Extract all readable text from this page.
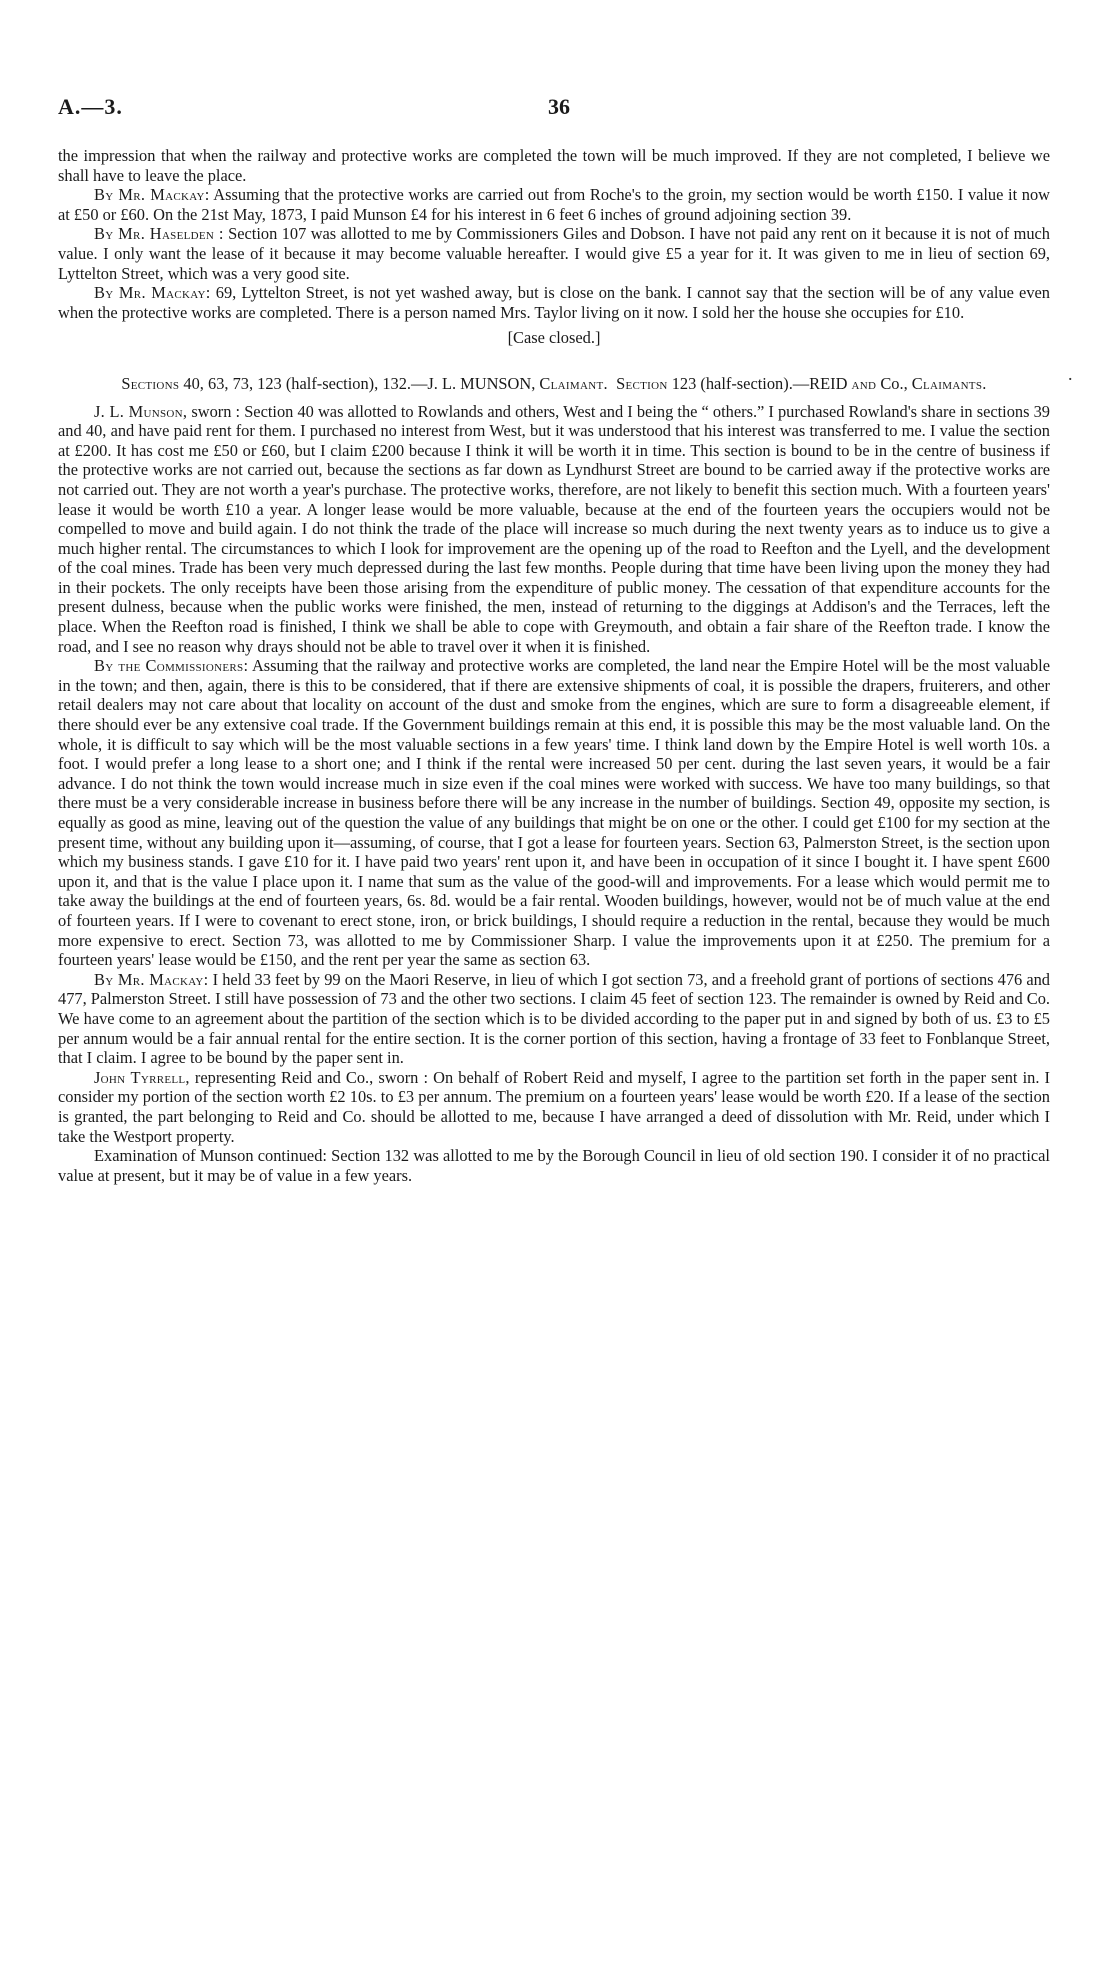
A.—3.	36
.

the impression that when the railway and protective works are completed the town will be much improved. If they are not completed, I believe we shall have to leave the place.

By Mr. Mackay: Assuming that the protective works are carried out from Roche's to the groin, my section would be worth £150. I value it now at £50 or £60. On the 21st May, 1873, I paid Munson £4 for his interest in 6 feet 6 inches of ground adjoining section 39.

By Mr. Haselden : Section 107 was allotted to me by Commissioners Giles and Dobson. I have not paid any rent on it because it is not of much value. I only want the lease of it because it may become valuable hereafter. I would give £5 a year for it. It was given to me in lieu of section 69, Lyttelton Street, which was a very good site.

By Mr. Mackay: 69, Lyttelton Street, is not yet washed away, but is close on the bank. I cannot say that the section will be of any value even when the protective works are completed. There is a person named Mrs. Taylor living on it now. I sold her the house she occupies for £10.

[Case closed.]

Sections 40, 63, 73, 123 (half-section), 132.—J. L. MUNSON, Claimant. Section 123 (half-section).—REID and Co., Claimants.

J. L. Munson, sworn : Section 40 was allotted to Rowlands and others, West and I being the “ others.” I purchased Rowland's share in sections 39 and 40, and have paid rent for them. I purchased no interest from West, but it was understood that his interest was transferred to me. I value the section at £200. It has cost me £50 or £60, but I claim £200 because I think it will be worth it in time. This section is bound to be in the centre of business if the protective works are not carried out, because the sections as far down as Lyndhurst Street are bound to be carried away if the protective works are not carried out. They are not worth a year's purchase. The protective works, therefore, are not likely to benefit this section much. With a fourteen years' lease it would be worth £10 a year. A longer lease would be more valuable, because at the end of the fourteen years the occupiers would not be compelled to move and build again. I do not think the trade of the place will increase so much during the next twenty years as to induce us to give a much higher rental. The circumstances to which I look for improvement are the opening up of the road to Reefton and the Lyell, and the development of the coal mines. Trade has been very much depressed during the last few months. People during that time have been living upon the money they had in their pockets. The only receipts have been those arising from the expenditure of public money. The cessation of that expenditure accounts for the present dulness, because when the public works were finished, the men, instead of returning to the diggings at Addison's and the Terraces, left the place. When the Reefton road is finished, I think we shall be able to cope with Greymouth, and obtain a fair share of the Reefton trade. I know the road, and I see no reason why drays should not be able to travel over it when it is finished.

By the Commissioners: Assuming that the railway and protective works are completed, the land near the Empire Hotel will be the most valuable in the town; and then, again, there is this to be considered, that if there are extensive shipments of coal, it is possible the drapers, fruiterers, and other retail dealers may not care about that locality on account of the dust and smoke from the engines, which are sure to form a disagreeable element, if there should ever be any extensive coal trade. If the Government buildings remain at this end, it is possible this may be the most valuable land. On the whole, it is difficult to say which will be the most valuable sections in a few years' time. I think land down by the Empire Hotel is well worth 10s. a foot. I would prefer a long lease to a short one; and I think if the rental were increased 50 per cent. during the last seven years, it would be a fair advance. I do not think the town would increase much in size even if the coal mines were worked with success. We have too many buildings, so that there must be a very considerable increase in business before there will be any increase in the number of buildings. Section 49, opposite my section, is equally as good as mine, leaving out of the question the value of any buildings that might be on one or the other. I could get £100 for my section at the present time, without any building upon it—assuming, of course, that I got a lease for fourteen years. Section 63, Palmerston Street, is the section upon which my business stands. I gave £10 for it. I have paid two years' rent upon it, and have been in occupation of it since I bought it. I have spent £600 upon it, and that is the value I place upon it. I name that sum as the value of the good-will and improvements. For a lease which would permit me to take away the buildings at the end of fourteen years, 6s. 8d. would be a fair rental. Wooden buildings, however, would not be of much value at the end of fourteen years. If I were to covenant to erect stone, iron, or brick buildings, I should require a reduction in the rental, because they would be much more expensive to erect. Section 73, was allotted to me by Commissioner Sharp. I value the improvements upon it at £250. The premium for a fourteen years' lease would be £150, and the rent per year the same as section 63.

By Mr. Mackay: I held 33 feet by 99 on the Maori Reserve, in lieu of which I got section 73, and a freehold grant of portions of sections 476 and 477, Palmerston Street. I still have possession of 73 and the other two sections. I claim 45 feet of section 123. The remainder is owned by Reid and Co. We have come to an agreement about the partition of the section which is to be divided according to the paper put in and signed by both of us. £3 to £5 per annum would be a fair annual rental for the entire section. It is the corner portion of this section, having a frontage of 33 feet to Fonblanque Street, that I claim. I agree to be bound by the paper sent in.

John Tyrrell, representing Reid and Co., sworn : On behalf of Robert Reid and myself, I agree to the partition set forth in the paper sent in. I consider my portion of the section worth £2 10s. to £3 per annum. The premium on a fourteen years' lease would be worth £20. If a lease of the section is granted, the part belonging to Reid and Co. should be allotted to me, because I have arranged a deed of dissolution with Mr. Reid, under which I take the Westport property.

Examination of Munson continued: Section 132 was allotted to me by the Borough Council in lieu of old section 190. I consider it of no practical value at present, but it may be of value in a few years.
